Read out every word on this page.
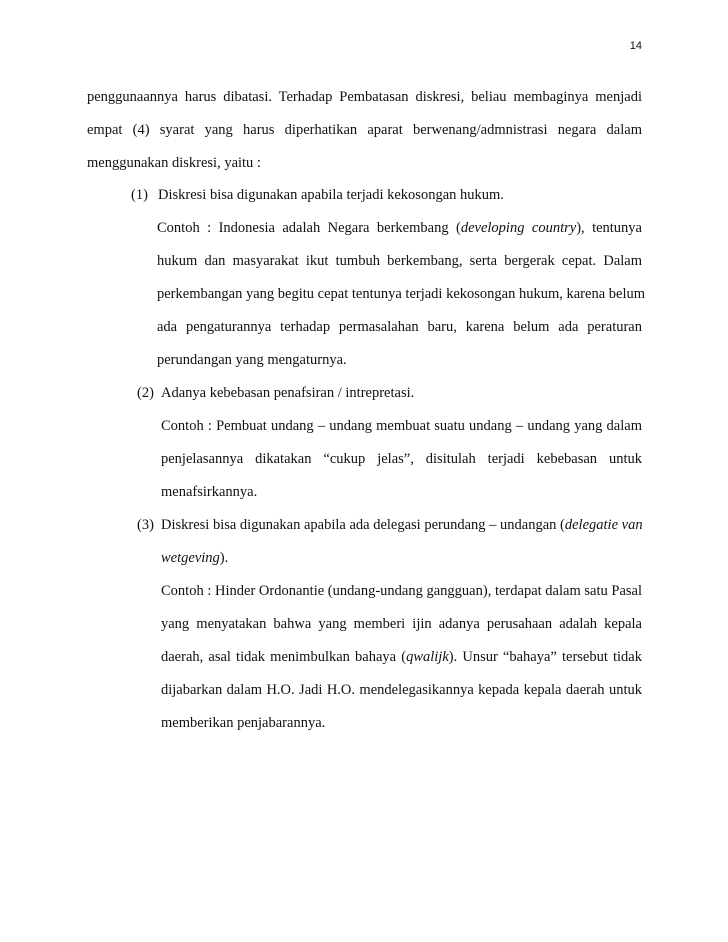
14
penggunaannya harus dibatasi. Terhadap Pembatasan diskresi, beliau membaginya menjadi
empat (4) syarat yang harus diperhatikan aparat berwenang/admnistrasi negara dalam
menggunakan diskresi, yaitu :
(1) Diskresi bisa digunakan apabila terjadi kekosongan hukum.
Contoh : Indonesia adalah Negara berkembang (developing country), tentunya
hukum dan masyarakat ikut tumbuh berkembang, serta bergerak cepat. Dalam
perkembangan yang begitu cepat tentunya terjadi kekosongan hukum, karena belum
ada pengaturannya terhadap permasalahan baru, karena belum ada peraturan
perundangan yang mengaturnya.
(2) Adanya kebebasan penafsiran / intrepretasi.
Contoh : Pembuat undang – undang membuat suatu undang – undang yang dalam
penjelasannya dikatakan “cukup jelas”, disitulah terjadi kebebasan untuk
menafsirkannya.
(3) Diskresi bisa digunakan apabila ada delegasi perundang – undangan (delegatie van
wetgeving).
Contoh : Hinder Ordonantie (undang-undang gangguan), terdapat dalam satu Pasal
yang menyatakan bahwa yang memberi ijin adanya perusahaan adalah kepala
daerah, asal tidak menimbulkan bahaya (qwalijk). Unsur “bahaya” tersebut tidak
dijabarkan dalam H.O. Jadi H.O. mendelegasikannya kepada kepala daerah untuk
memberikan penjabarannya.
